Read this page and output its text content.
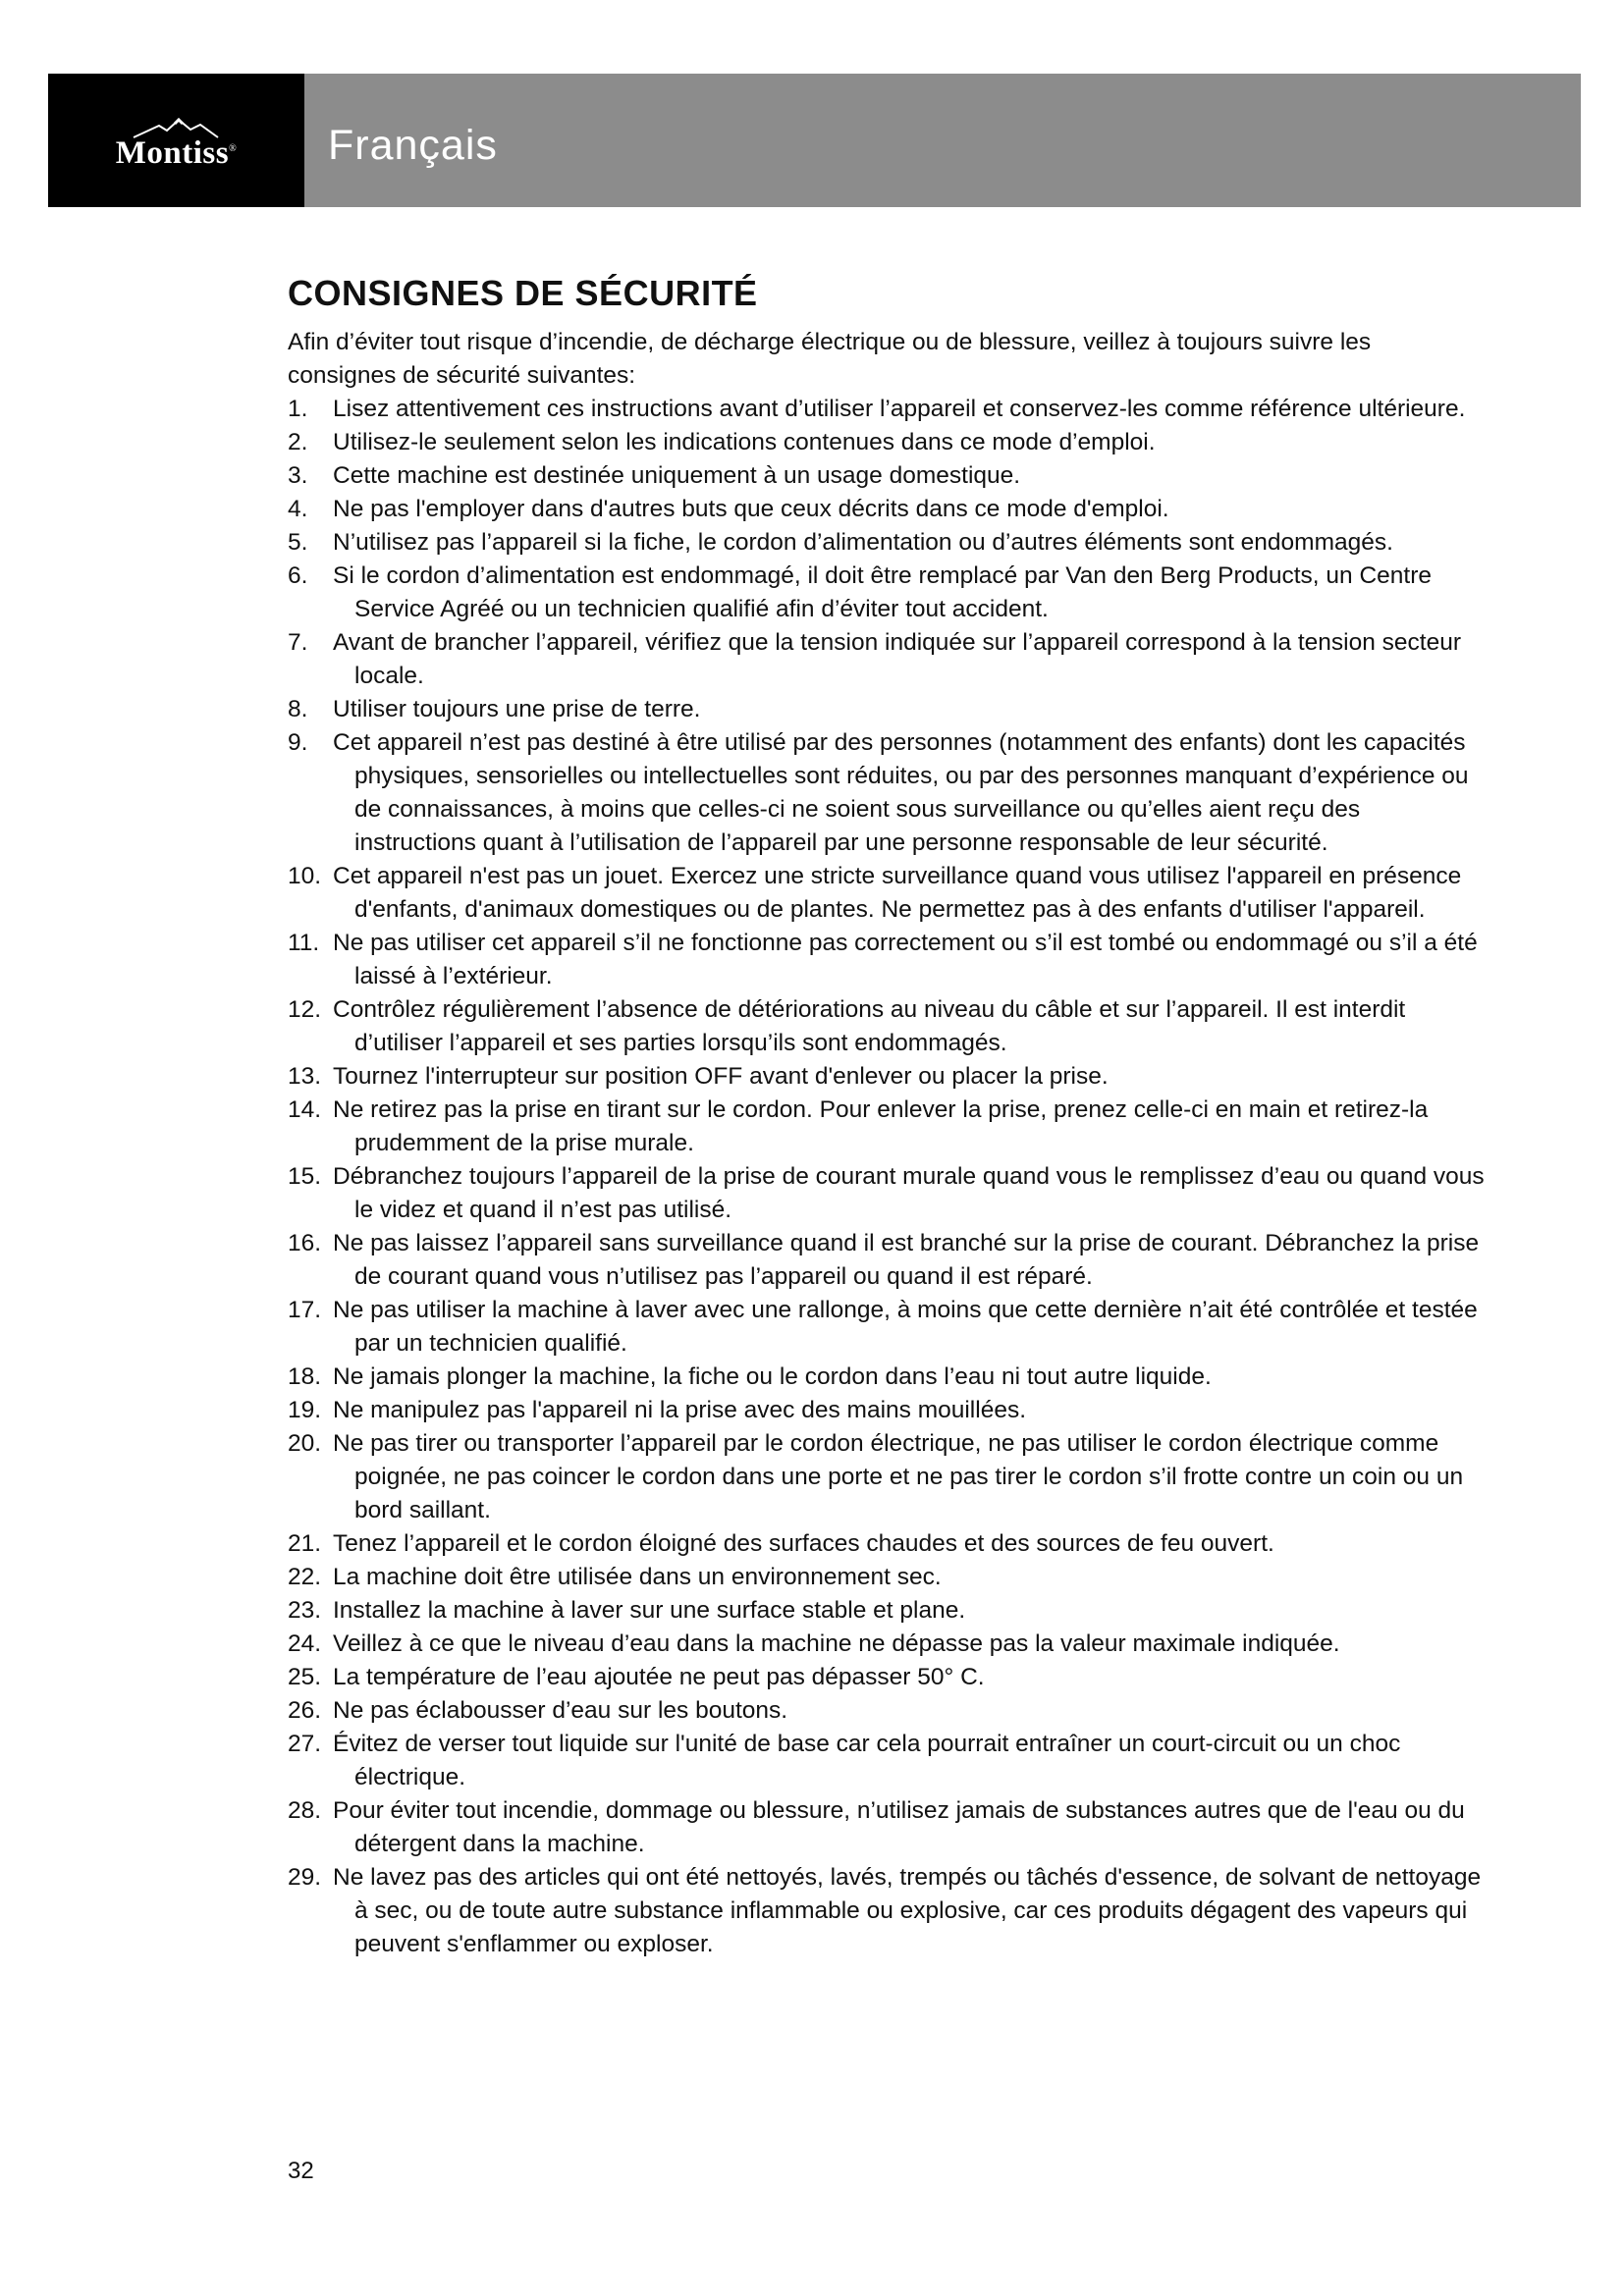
Montiss® Français
CONSIGNES DE SÉCURITÉ

Afin d’éviter tout risque d’incendie, de décharge électrique ou de blessure, veillez à toujours suivre les consignes de sécurité suivantes:

1. Lisez attentivement ces instructions avant d’utiliser l’appareil et conservez-les comme référence ultérieure.
2. Utilisez-le seulement selon les indications contenues dans ce mode d’emploi.
3. Cette machine est destinée uniquement à un usage domestique.
4. Ne pas l'employer dans d'autres buts que ceux décrits dans ce mode d'emploi.
5. N’utilisez pas l’appareil si la fiche, le cordon d’alimentation ou d’autres éléments sont endommagés.
6. Si le cordon d’alimentation est endommagé, il doit être remplacé par Van den Berg Products, un Centre Service Agréé ou un technicien qualifié afin d’éviter tout accident.
7. Avant de brancher l’appareil, vérifiez que la tension indiquée sur l’appareil correspond à la tension secteur locale.
8. Utiliser toujours une prise de terre.
9. Cet appareil n’est pas destiné à être utilisé par des personnes (notamment des enfants) dont les capacités physiques, sensorielles ou intellectuelles sont réduites, ou par des personnes manquant d’expérience ou de connaissances, à moins que celles-ci ne soient sous surveillance ou qu’elles aient reçu des instructions quant à l’utilisation de l’appareil par une personne responsable de leur sécurité.
10. Cet appareil n'est pas un jouet. Exercez une stricte surveillance quand vous utilisez l'appareil en présence d'enfants, d'animaux domestiques ou de plantes. Ne permettez pas à des enfants d'utiliser l'appareil.
11. Ne pas utiliser cet appareil s’il ne fonctionne pas correctement ou s’il est tombé ou endommagé ou s’il a été laissé à l’extérieur.
12. Contrôlez régulièrement l’absence de détériorations au niveau du câble et sur l’appareil. Il est interdit d’utiliser l’appareil et ses parties lorsqu’ils sont endommagés.
13. Tournez l'interrupteur sur position OFF avant d'enlever ou placer la prise.
14. Ne retirez pas la prise en tirant sur le cordon. Pour enlever la prise, prenez celle-ci en main et retirez-la prudemment de la prise murale.
15. Débranchez toujours l’appareil de la prise de courant murale quand vous le remplissez d’eau ou quand vous le videz et quand il n’est pas utilisé.
16. Ne pas laissez l’appareil sans surveillance quand il est branché sur la prise de courant. Débranchez la prise de courant quand vous n’utilisez pas l’appareil ou quand il est réparé.
17. Ne pas utiliser la machine à laver avec une rallonge, à moins que cette dernière n’ait été contrôlée et testée par un technicien qualifié.
18. Ne jamais plonger la machine, la fiche ou le cordon dans l’eau ni tout autre liquide.
19. Ne manipulez pas l'appareil ni la prise avec des mains mouillées.
20. Ne pas tirer ou transporter l’appareil par le cordon électrique, ne pas utiliser le cordon électrique comme poignée, ne pas coincer le cordon dans une porte et ne pas tirer le cordon s’il frotte contre un coin ou un bord saillant.
21. Tenez l’appareil et le cordon éloigné des surfaces chaudes et des sources de feu ouvert.
22. La machine doit être utilisée dans un environnement sec.
23. Installez la machine à laver sur une surface stable et plane.
24. Veillez à ce que le niveau d’eau dans la machine ne dépasse pas la valeur maximale indiquée.
25. La température de l’eau ajoutée ne peut pas dépasser 50° C.
26. Ne pas éclabousser d’eau sur les boutons.
27. Évitez de verser tout liquide sur l'unité de base car cela pourrait entraîner un court-circuit ou un choc électrique.
28. Pour éviter tout incendie, dommage ou blessure, n’utilisez jamais de substances autres que de l'eau ou du détergent dans la machine.
29. Ne lavez pas des articles qui ont été nettoyés, lavés, trempés ou tâchés d'essence, de solvant de nettoyage à sec, ou de toute autre substance inflammable ou explosive, car ces produits dégagent des vapeurs qui peuvent s'enflammer ou exploser.
32
